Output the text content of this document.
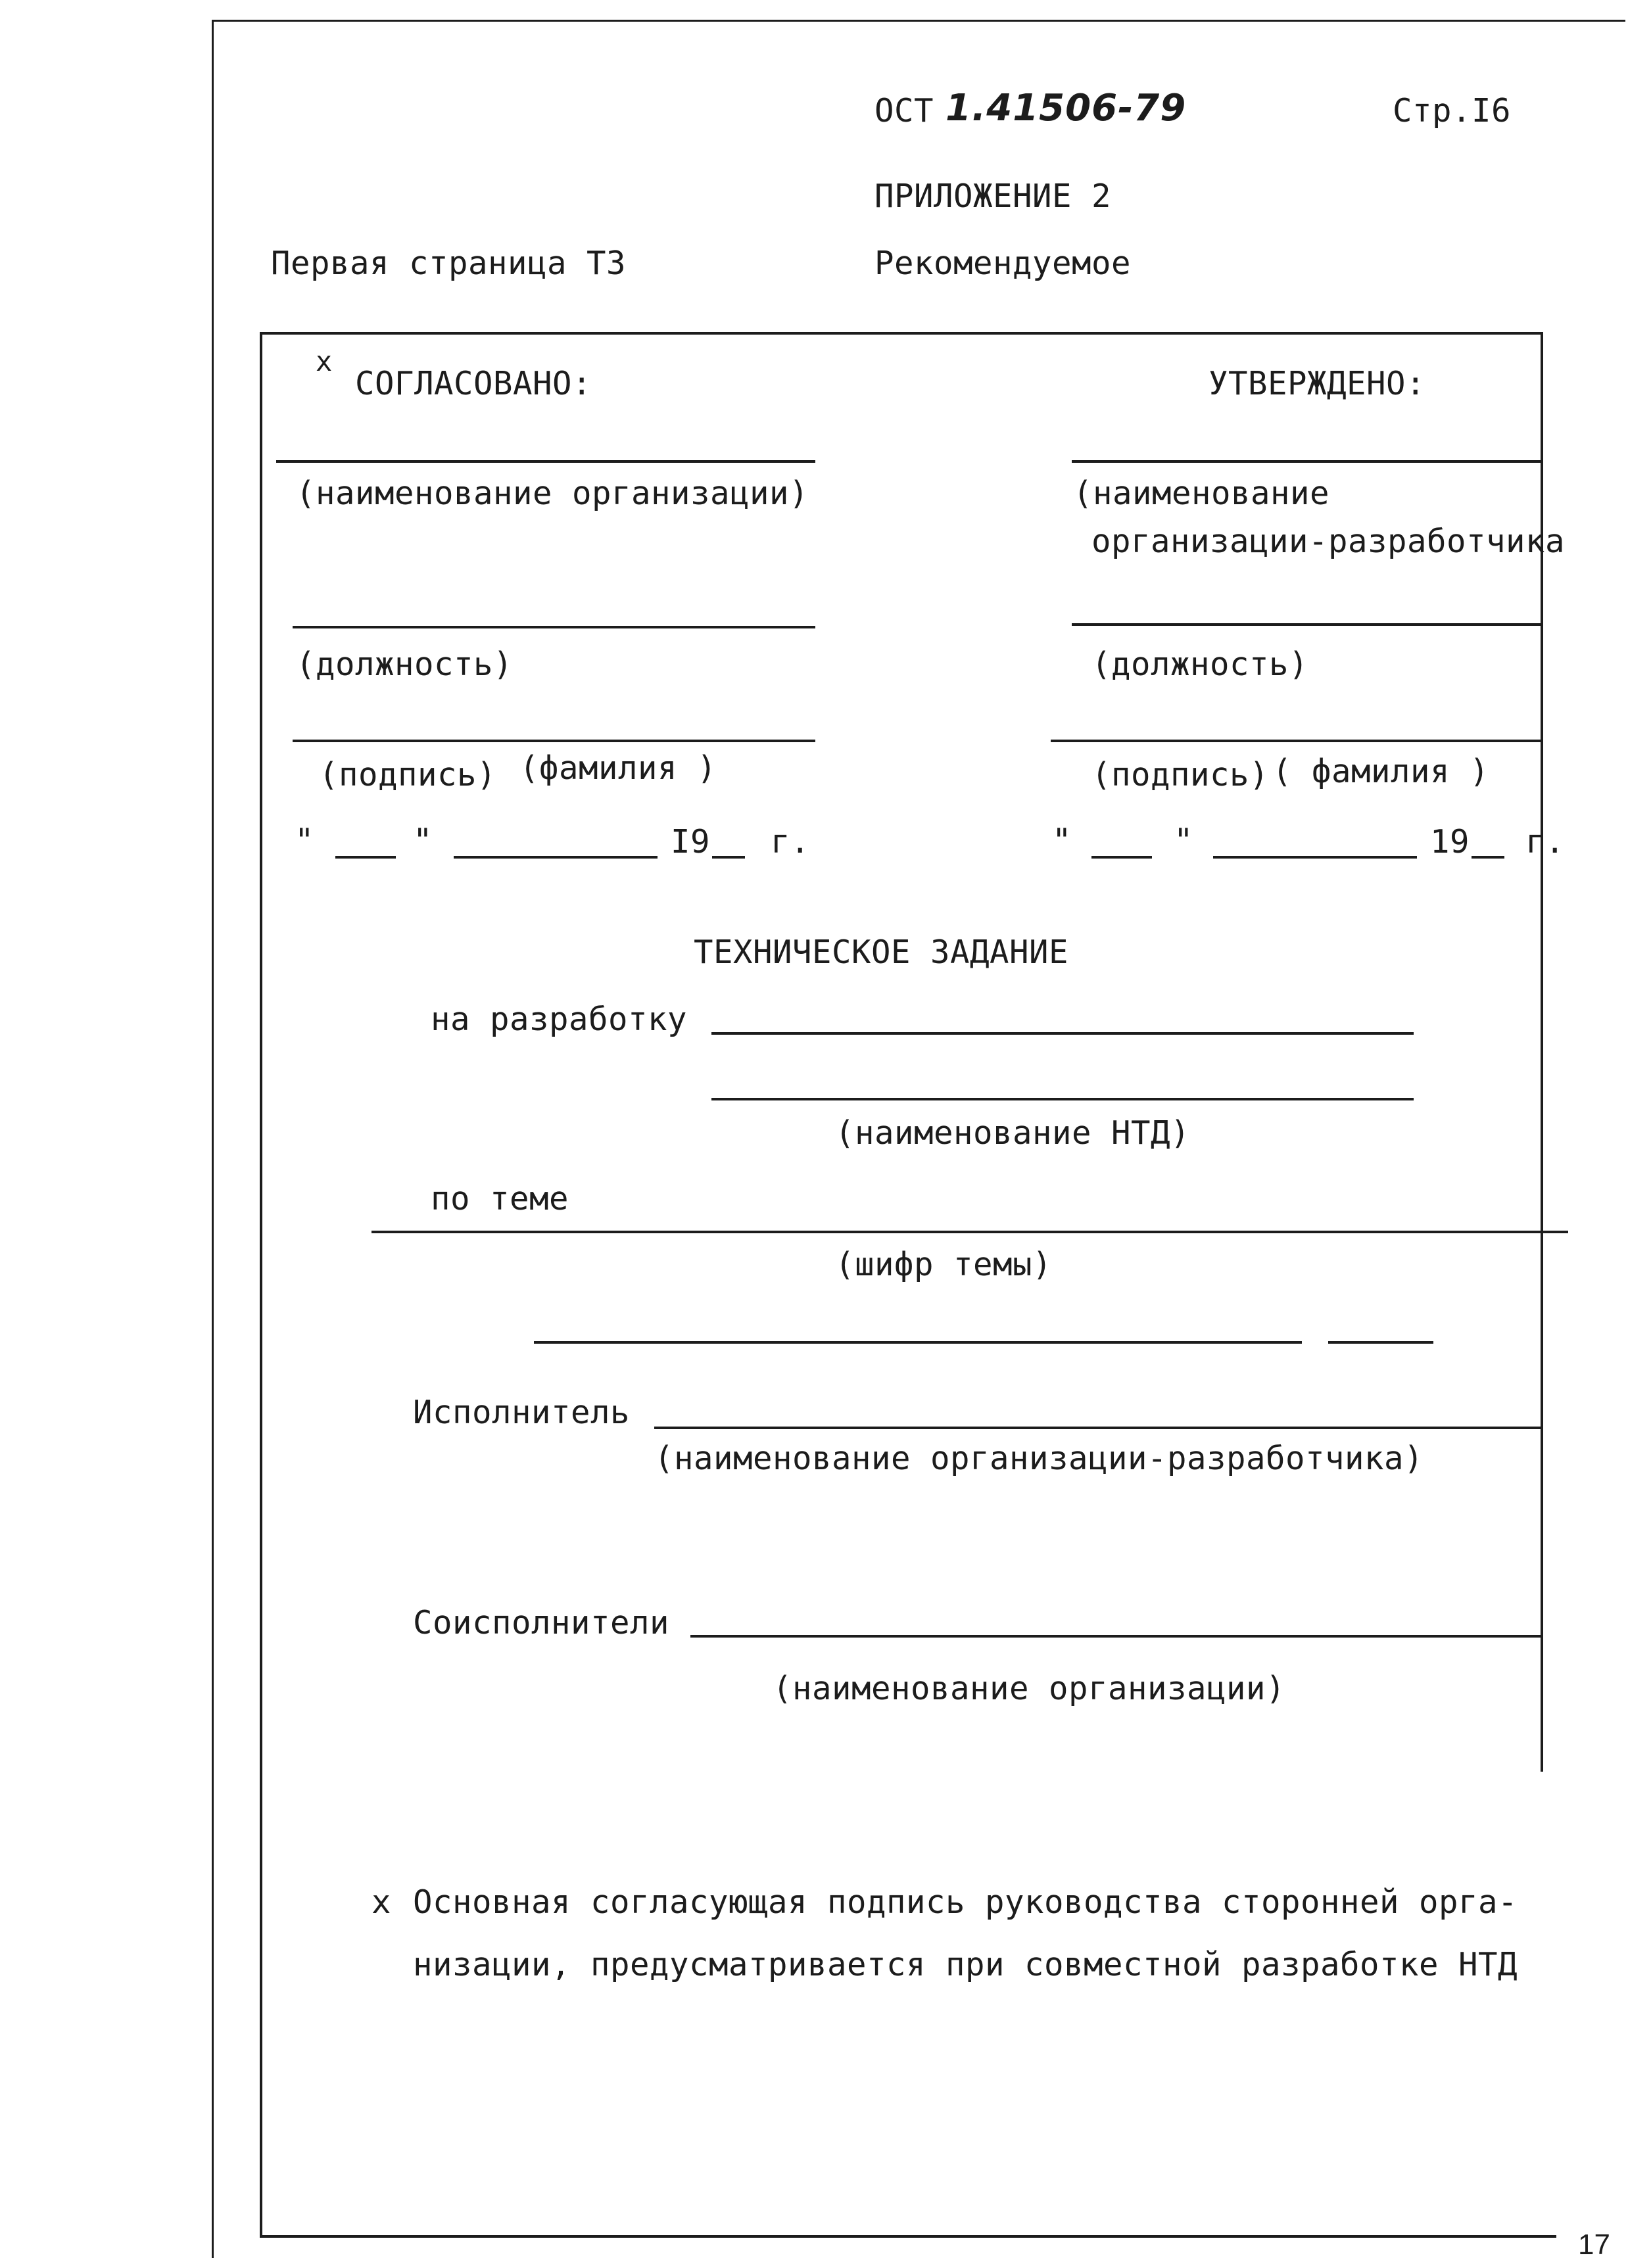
ОСТ 1.41506-79	Стр.I6
ПРИЛОЖЕНИЕ 2
Первая страница ТЗ	Рекомендуемое
х
СОГЛАСОВАНО:
(наименование организации)
(должность)
(подпись) (фамилия )
"	"	I9 г.
УТВЕРЖДЕНО:
(наименование
организации-разработчика
(должность)
(подпись) ( фамилия )
"	"	19 г.
ТЕХНИЧЕСКОЕ ЗАДАНИЕ
на разработку
(наименование НТД)
по теме
(шифр темы)
Исполнитель
(наименование организации-разработчика)
Соисполнители
(наименование организации)
х Основная согласующая подпись руководства сторонней орга-
низации, предусматривается при совместной разработке НТД
17
